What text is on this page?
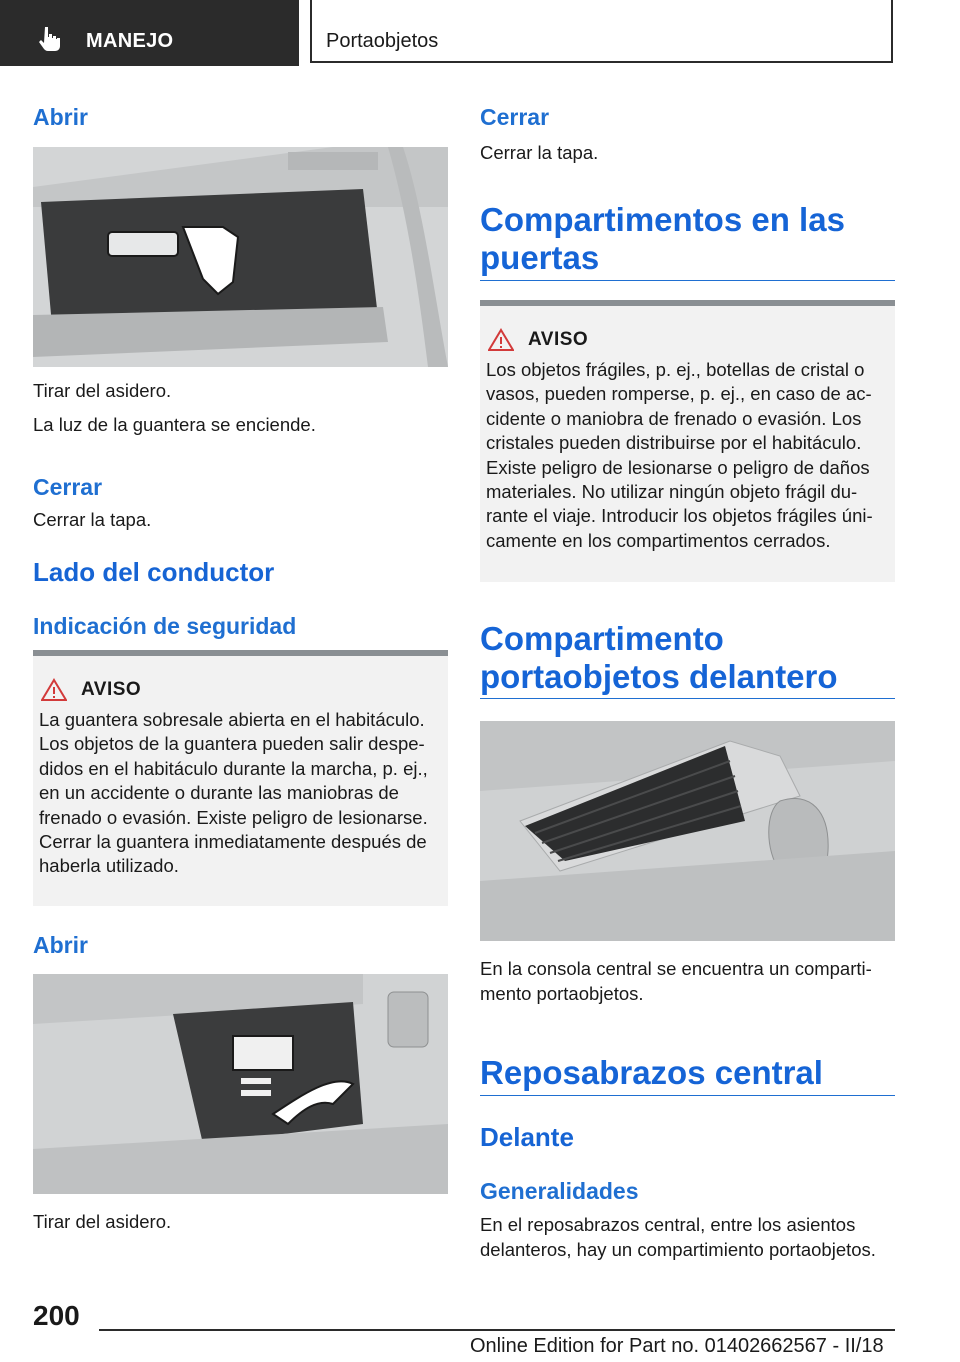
MANEJO	Portaobjetos
Abrir
Tirar del asidero.
La luz de la guantera se enciende.
Cerrar
Cerrar la tapa.
Lado del conductor
Indicación de seguridad
AVISO
La guantera sobresale abierta en el habitáculo.
Los objetos de la guantera pueden salir despe-
didos en el habitáculo durante la marcha, p. ej.,
en un accidente o durante las maniobras de
frenado o evasión. Existe peligro de lesionarse.
Cerrar la guantera inmediatamente después de
haberla utilizado.
Abrir
Tirar del asidero.
Cerrar
Cerrar la tapa.
Compartimentos en las
puertas
AVISO
Los objetos frágiles, p. ej., botellas de cristal o
vasos, pueden romperse, p. ej., en caso de ac-
cidente o maniobra de frenado o evasión. Los
cristales pueden distribuirse por el habitáculo.
Existe peligro de lesionarse o peligro de daños
materiales. No utilizar ningún objeto frágil du-
rante el viaje. Introducir los objetos frágiles úni-
camente en los compartimentos cerrados.
Compartimento
portaobjetos delantero
En la consola central se encuentra un comparti-
mento portaobjetos.
Reposabrazos central
Delante
Generalidades
En el reposabrazos central, entre los asientos
delanteros, hay un compartimiento portaobjetos.
200
Online Edition for Part no. 01402662567 - II/18
